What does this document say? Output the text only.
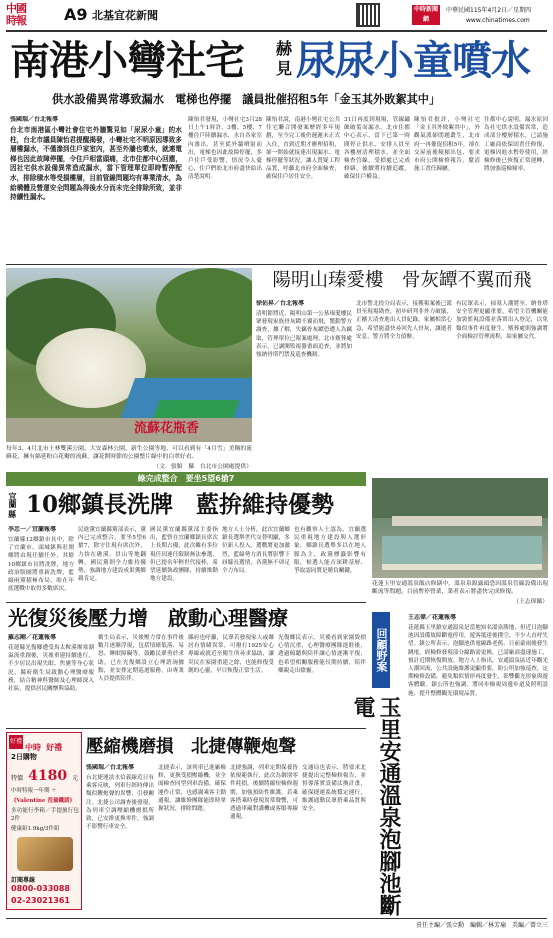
中國時報	A9 北基宜花新聞	中時新聞網
中華民國115年4月2日／星期四
www.chinatimes.com
南港小彎社宅 赫
見 尿尿小童噴水
供水設備異常導致漏水　電梯也停擺　議員批催招租5年「金玉其外敗絮其中」
張國瑞／台北報導
台北市南港區小彎社會住宅外牆驚見如「尿尿小童」的水柱，台北市議員陳怡君提醒揭發，小彎社宅不明原因導致多層樓漏水，不僅滲到住戶家室內，甚至外牆也噴水，就連電梯也因此故障停擺，令住戶相當頭痛，北市住都中心回應，因社宅供水設備異常造成漏水，當下管理單位即時暫停配水，排除積水等受損樓層，目前管線問題均有專業清水，為給構體及營運安全問題為得後水分而未完全排除所致，並非持續性漏水。
陳怡君發現，小彎社宅3月28日上午1時許，3樓、5樓、7樓住戶陸續漏水，水自各家室內滲出，甚至從外牆噴射而出，電梯也因此故障停擺，多戶住戶受影響，情況令人憂心，住戶們盼北市府盡快給出清楚說明。
陳怡君說，南港小彎社宅公共住宅聯合開發案歷經多年規劃，至今完工後仍遲遲未正式入住，直到近期才辦理招租，卻一開始就接連出現漏水、電梯停擺等狀況，讓人質疑工程品質，呼籲北市府全面檢查，確保住戶居住安全。
31日再度到現場，管線鏽蝕破裂而漏水，北市住都中心表示，當下已第一時間停止供水，安排人員至各樓層清理積水，並全面檢查管線，受損處已完成修繕，後續將持續追蹤，確保住戶權益。
陳怡君批評，小彎社宅「金玉其外敗絮其中」，外觀氣派卻問題叢生，北市府一再催促招租5年，卻在交屋前後頻頻出包，要求市府公開檢修報告，釐清施工責任歸屬。
住都中心說明，漏水原因為社宅供水設備異常，造成部分樓層積水，已請施工廠商依保固責任修復，電梯因進水暫停使用，經檢修後已恢復正常運轉，將加強巡檢頻率。
流蘇花瓶香
每年3、4月北市士林雙溪公園、大安森林公園、新生公園等地，可以看到有「4月雪」美稱的流蘇花，擁有綿延粉白花瓣的流蘇，讓花開時節的公園整片綠中的白翠好看。
（文．張穎　攝　台北市公園處提供）
陽明山瑧愛樓　骨灰罈不翼而飛
徐佑昇／台北報導
清明節將近，陽明山第一公墓瑧愛樓民眾發現家族骨灰罈不翼而飛，驚動警方調查，據了解，失竊骨灰罈恐遭人為竊取，管理單位已報案處理。北市殯葬處表示，已調閱監視器畫面追查，並將加強納骨塔門禁及巡查機制。
北市警北投分局表示，接獲報案後已派員至現場勘查，初步研判非外力破壞，正擴大清查進出人員紀錄，家屬相當心急，希望能盡快尋回先人骨灰，讓逝者安息，警方將全力偵辦。
有民眾表示，掃墓人潮將至，納骨塔安全管理更顯重要，希望主管機關能加裝監視設備並落實出入登記，以免類似事件再度發生，殯葬處則強調將全面檢討管理流程，給家屬交代。
綠完成整合　要坐5望6搶7
宜蘭
縣 10鄉鎮長洗牌　藍拚維持優勢
李忠一／宜蘭報導
宜蘭縣12鄉鎮市長中，除了宜蘭市、頭城鎮與壯圍鄉將由現任續任外，其餘10鄉鎮市長將洗牌，地方政治版圖將重新洗牌，藍綠兩黨積極布局，盼在年底選戰中取得多數席次。
民進黨宜蘭縣黨部表示，黨內已完成整合，要坐5望6搶7，除守住現有席次外，力拚在礁溪、員山等地翻轉，國民黨則全力維持優勢，強調地方建設成果獲鄉親肯定。
國民黨宜蘭縣黨部主委指出，藍營在宜蘭鄉鎮長席次上長期占優，此次雖有多位現任因連任限制無法參選，但已提名年輕世代接棒，希望延續執政團隊，持續推動地方建設。
地方人士分析，此次宜蘭鄉鎮長選舉世代交替明顯，多位新人投入，選戰將更加激烈，藍綠勢力消長將影響下屆縣長選情，各黨無不卯足全力布局。
也有觀察人士認為，宜蘭選民重視地方建設與人選形象，鄉鎮長選舉多以在地人脈為主，政黨標籤影響有限，候選人能否深耕基層、爭取認同將是勝負關鍵。
光復災後壓力增　啟動心理醫療
羅志剛／花蓮報導
花蓮縣光復鄉遭受馬太鞍溪堰塞湖溢流重創後，災後重建持續進行，不少居民出現失眠、焦慮等身心狀況，縣府衛生局啟動心理醫療服務，結合精神科醫師及心理師深入社區，提供居民關懷與協助。
衛生局表示，災後壓力常在事件後數月逐漸浮現，包括情緒低落、易怒、睡眠障礙等，鼓勵民眾勇於求助，已在光復鄉設立心理諮詢據點，並安排定期巡迴服務，由專業人員提供陪伴。
縣府也呼籲，民眾若發現家人或鄰居有情緒異常，可撥打1925安心專線或就近至衛生所尋求協助，讓災民在家園重建之餘，也能修復受創的心靈，早日恢復正常生活。
光復鄉民表示，災後看到家園毀損心情沉重，心理醫療團隊進駐後，透過傾聽與陪伴讓心情逐漸平復，也希望相關服務能長期持續，陪伴鄉親走出陰霾。
好禮
中時 好禮
2日購物
特價 4180 元
中時特報一年期 ＋
《Valentine 范倫鐵諾》
多功能行李箱／手提旅行包2件
健康組1.9kg/3件組
訂閱專線
0800-033088
02-23021361
壓縮機磨損　北捷傳鞭炮聲
張國瑞／台北報導
台北捷運淡水信義線近日有乘客反映，列車行經時傳出類似鞭炮聲的異響，引發關注。北捷公司調查後發現，為列車空調壓縮機磨損所致，已安排更換零件，強調不影響行車安全。
北捷表示，該列車已進廠檢修，更換受損壓縮機，並全面檢查同型列車設備，確保運作正常，也感謝乘客主動通報，讓維修團隊能即時掌握狀況、排除問題。
北捷強調，列車定期保養皆依規範執行，此次為個別零件耗損，後續將縮短檢修週期，加強預防性維護，若乘客搭乘時發現異常聲響，可透過車廂對講機或客服專線通報。
交通局也表示，將要求北捷提出完整檢修報告，並督導落實設備汰換計畫，確保捷運系統穩定運行，維護通勤民眾搭乘品質與安全。
花蓮玉里安通溫泉飯店修繕中，溫泉泉源露頭恐因溫泉管線設備出現斷流等問題。目前暫停營業，業者表示將盡快完成修復。
（王志偉攝）
回顧野案
玉里安通溫泉泡腳池斷電
王志偉／花蓮報導
花蓮縣玉里鎮安通溫泉是當地知名溫泉勝地，但近日泡腳池因設備故障斷電停用，遊客抵達後撲空，不少人直呼失望。鎮公所表示，泡腳池供電線路老舊，日前豪雨後發生跳電，經檢修發現部分線路需更換，已請廠商盡速施工，預計近期恢復開放。地方人士指出，安通溫泉區近年觀光人潮回流，公共設施維護更顯重要，盼公所加強巡查，定期檢修設備，避免類似情形再度發生，影響觀光形象與遊客體驗。鎮公所也強調，將同步檢視周邊步道及照明設施，提升整體觀光環境品質。
責任主編／張立勳　編輯／林芳瑜　美編／曾立三
